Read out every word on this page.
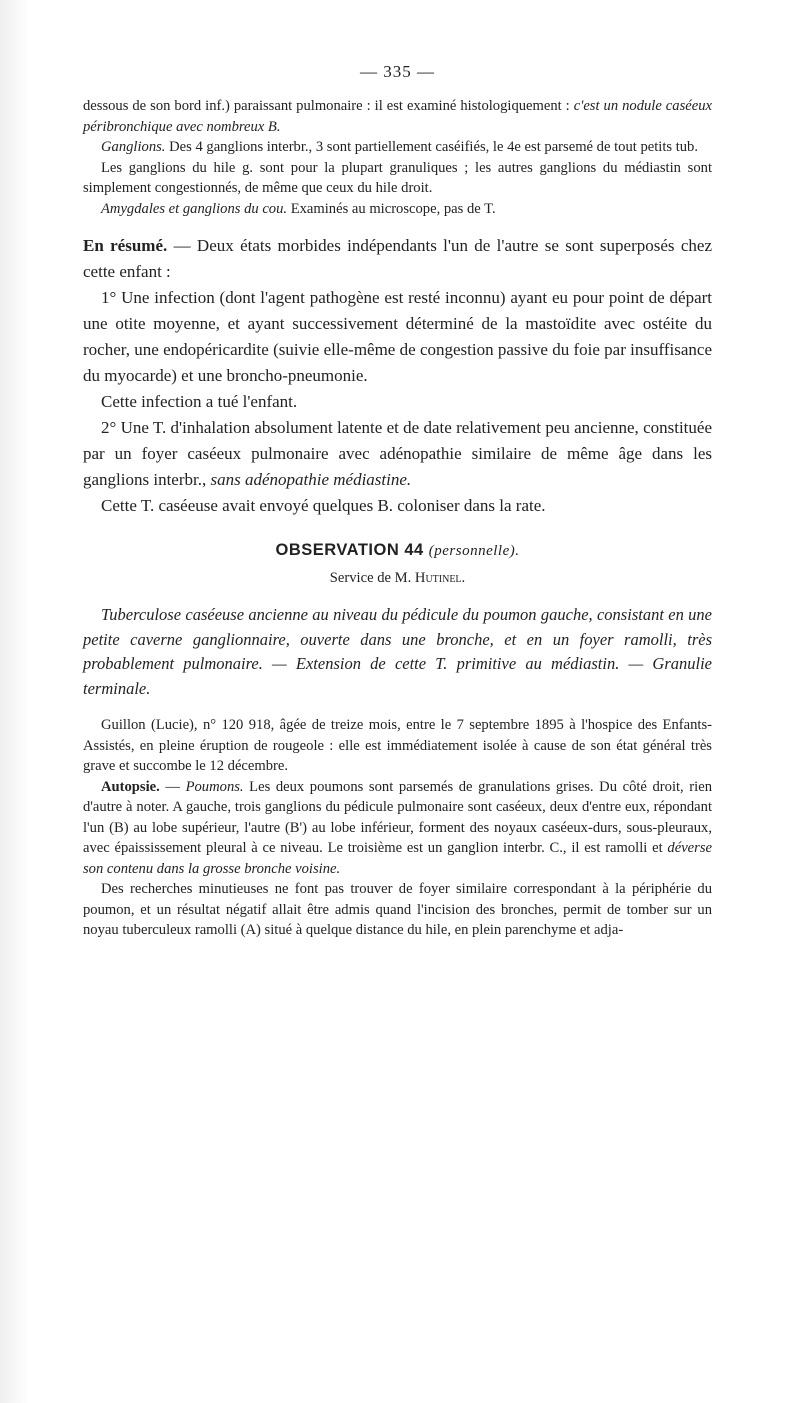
— 335 —

dessous de son bord inf.) paraissant pulmonaire : il est examiné histologiquement : c'est un nodule caséeux péribronchique avec nombreux B.

Ganglions. Des 4 ganglions interbr., 3 sont partiellement caséifiés, le 4e est parsemé de tout petits tub.

Les ganglions du hile g. sont pour la plupart granuliques ; les autres ganglions du médiastin sont simplement congestionnés, de même que ceux du hile droit.

Amygdales et ganglions du cou. Examinés au microscope, pas de T.

En résumé. — Deux états morbides indépendants l'un de l'autre se sont superposés chez cette enfant :

1° Une infection (dont l'agent pathogène est resté inconnu) ayant eu pour point de départ une otite moyenne, et ayant successivement déterminé de la mastoïdite avec ostéite du rocher, une endopéricardite (suivie elle-même de congestion passive du foie par insuffisance du myocarde) et une broncho-pneumonie.

Cette infection a tué l'enfant.

2° Une T. d'inhalation absolument latente et de date relativement peu ancienne, constituée par un foyer caséeux pulmonaire avec adénopathie similaire de même âge dans les ganglions interbr., sans adénopathie médiastine.

Cette T. caséeuse avait envoyé quelques B. coloniser dans la rate.

OBSERVATION 44 (personnelle).

Service de M. Hutinel.

Tuberculose caséeuse ancienne au niveau du pédicule du poumon gauche, consistant en une petite caverne ganglionnaire, ouverte dans une bronche, et en un foyer ramolli, très probablement pulmonaire. — Extension de cette T. primitive au médiastin. — Granulie terminale.

Guillon (Lucie), n° 120 918, âgée de treize mois, entre le 7 septembre 1895 à l'hospice des Enfants-Assistés, en pleine éruption de rougeole : elle est immédiatement isolée à cause de son état général très grave et succombe le 12 décembre.

Autopsie. — Poumons. Les deux poumons sont parsemés de granulations grises. Du côté droit, rien d'autre à noter. A gauche, trois ganglions du pédicule pulmonaire sont caséeux, deux d'entre eux, répondant l'un (B) au lobe supérieur, l'autre (B') au lobe inférieur, forment des noyaux caséeux-durs, sous-pleuraux, avec épaississement pleural à ce niveau. Le troisième est un ganglion interbr. C., il est ramolli et déverse son contenu dans la grosse bronche voisine.

Des recherches minutieuses ne font pas trouver de foyer similaire correspondant à la périphérie du poumon, et un résultat négatif allait être admis quand l'incision des bronches, permit de tomber sur un noyau tuberculeux ramolli (A) situé à quelque distance du hile, en plein parenchyme et adja-
